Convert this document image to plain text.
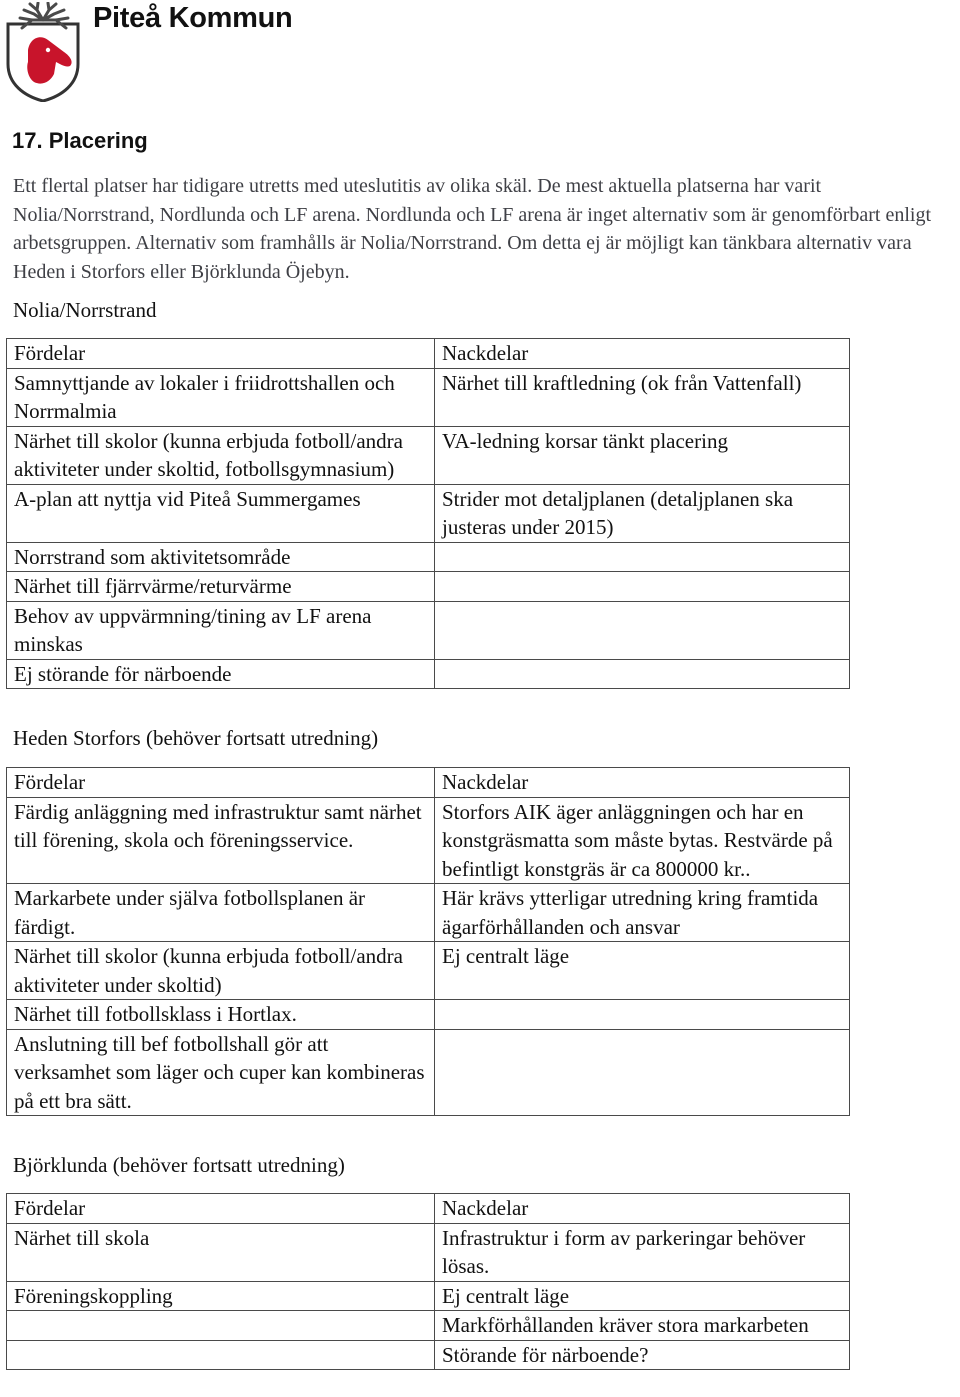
Piteå Kommun
17. Placering
Ett flertal platser har tidigare utretts med uteslutitis av olika skäl. De mest aktuella platserna har varit Nolia/Norrstrand, Nordlunda och LF arena. Nordlunda och LF arena är inget alternativ som är genomförbart enligt arbetsgruppen. Alternativ som framhålls är Nolia/Norrstrand. Om detta ej är möjligt kan tänkbara alternativ vara Heden i Storfors eller Björklunda Öjebyn.
Nolia/Norrstrand
Fördelar	Nackdelar
Samnyttjande av lokaler i friidrottshallen och Norrmalmia	Närhet till kraftledning (ok från Vattenfall)
Närhet till skolor (kunna erbjuda fotboll/andra aktiviteter under skoltid, fotbollsgymnasium)	VA-ledning korsar tänkt placering
A-plan att nyttja vid Piteå Summergames	Strider mot detaljplanen (detaljplanen ska justeras under 2015)
Norrstrand som aktivitetsområde	
Närhet till fjärrvärme/returvärme	
Behov av uppvärmning/tining av LF arena minskas	
Ej störande för närboende	
Heden Storfors (behöver fortsatt utredning)
Fördelar	Nackdelar
Färdig anläggning med infrastruktur samt närhet till förening, skola och föreningsservice.	Storfors AIK äger anläggningen och har en konstgräsmatta som måste bytas. Restvärde på befintligt konstgräs är ca 800000 kr..
Markarbete under själva fotbollsplanen är färdigt.	Här krävs ytterligar utredning kring framtida ägarförhållanden och ansvar
Närhet till skolor (kunna erbjuda fotboll/andra aktiviteter under skoltid)	Ej centralt läge
Närhet till fotbollsklass i Hortlax.	
Anslutning till bef fotbollshall gör att verksamhet som läger och cuper kan kombineras på ett bra sätt.	
Björklunda (behöver fortsatt utredning)
Fördelar	Nackdelar
Närhet till skola	Infrastruktur i form av parkeringar behöver lösas.
Föreningskoppling	Ej centralt läge
	Markförhållanden kräver stora markarbeten
	Störande för närboende?
